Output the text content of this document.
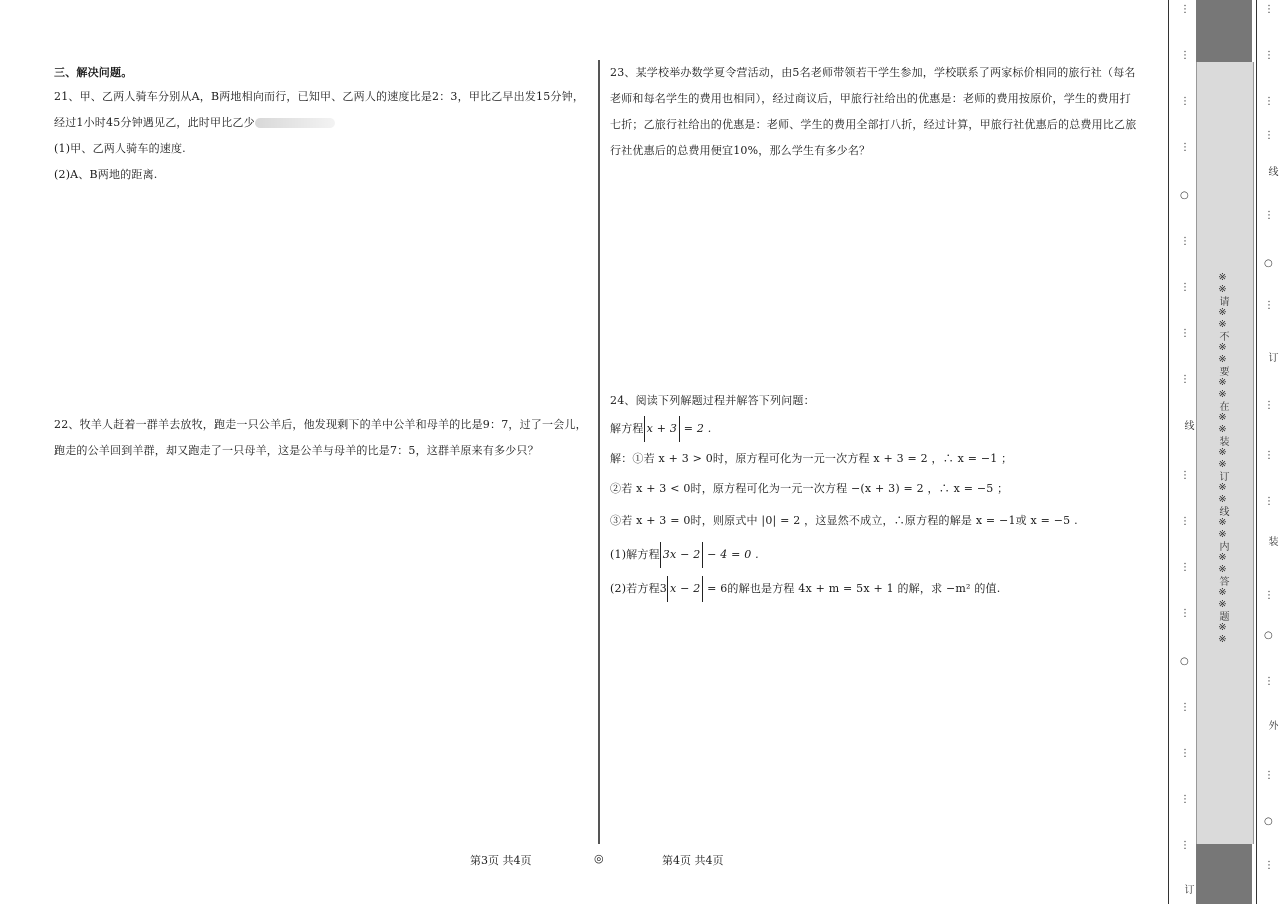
三、解决问题。

21、甲、乙两人骑车分别从A，B两地相向而行，已知甲、乙两人的速度比是2：3，甲比乙早出发15分钟，

经过1小时45分钟遇见乙，此时甲比乙少

(1)甲、乙两人骑车的速度.

(2)A、B两地的距离.

22、牧羊人赶着一群羊去放牧，跑走一只公羊后，他发现剩下的羊中公羊和母羊的比是9：7，过了一会儿，

跑走的公羊回到羊群，却又跑走了一只母羊，这是公羊与母羊的比是7：5，这群羊原来有多少只？

23、某学校举办数学夏令营活动，由5名老师带领若干学生参加，学校联系了两家标价相同的旅行社（每名

老师和每名学生的费用也相同），经过商议后，甲旅行社给出的优惠是：老师的费用按原价，学生的费用打

七折；乙旅行社给出的优惠是：老师、学生的费用全部打八折，经过计算，甲旅行社优惠后的总费用比乙旅

行社优惠后的总费用便宜10%，那么学生有多少名？

24、阅读下列解题过程并解答下列问题：

解方程 x + 3 = 2 .

解：①若 x + 3 > 0时，原方程可化为一元一次方程 x + 3 = 2 ，∴ x = −1 ；

②若 x + 3 < 0时，原方程可化为一元一次方程 −(x + 3) = 2 ，∴ x = −5 ；

③若 x + 3 = 0时，则原式中 |0| = 2 ，这显然不成立，∴原方程的解是 x = −1或 x = −5 .

(1)解方程 3x − 2 − 4 = 0 .

(2)若方程3 x − 2 = 6的解也是方程 4x + m = 5x + 1 的解，求 −m² 的值.

第3页 共4页	◎	第4页 共4页
⋮
⋮
⋮
⋮
○
⋮
⋮
⋮
⋮
线
⋮
⋮
⋮
⋮
○
⋮
⋮
⋮
⋮
订
※※请※※不※※要※※在※※装※※订※※线※※内※※答※※题※※
⋮
⋮
⋮
⋮
线
⋮
○
⋮
订
⋮
⋮
⋮
装
⋮
○
⋮
外
⋮
○
⋮
